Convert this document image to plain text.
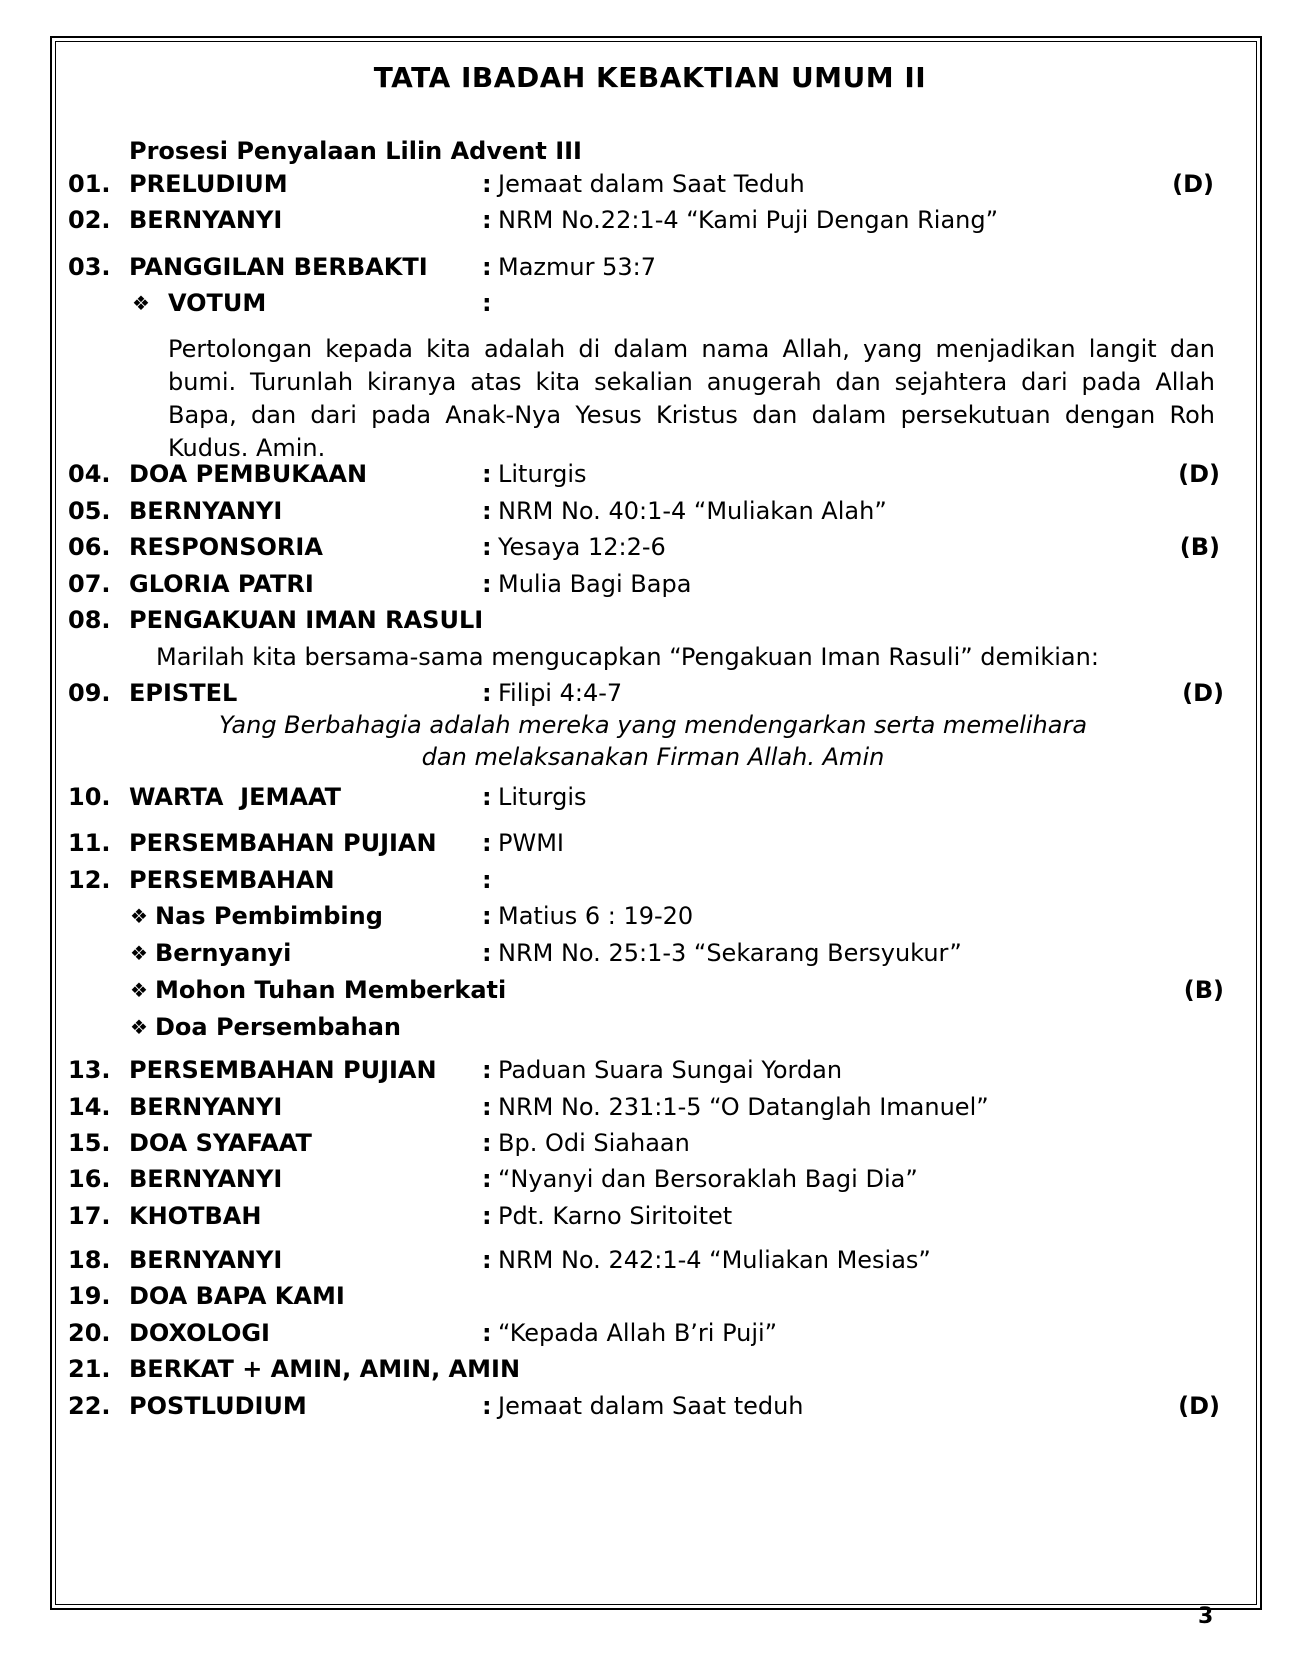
TATA IBADAH KEBAKTIAN UMUM II
Prosesi Penyalaan Lilin Advent III
01. PRELUDIUM	: Jemaat dalam Saat Teduh	(D)
02. BERNYANYI	: NRM No.22:1-4 “Kami Puji Dengan Riang”
03. PANGGILAN BERBAKTI : Mazmur 53:7
❖ VOTUM	:

Pertolongan kepada kita adalah di dalam nama Allah, yang menjadikan langit dan bumi. Turunlah kiranya atas kita sekalian anugerah dan sejahtera dari pada Allah Bapa, dan dari pada Anak-Nya Yesus Kristus dan dalam persekutuan dengan Roh Kudus. Amin.

04. DOA PEMBUKAAN	: Liturgis	(D)
05. BERNYANYI	: NRM No. 40:1-4 “Muliakan Alah”
06. RESPONSORIA	: Yesaya 12:2-6	(B)
07. GLORIA PATRI	: Mulia Bagi Bapa
08. PENGAKUAN IMAN RASULI
Marilah kita bersama-sama mengucapkan “Pengakuan Iman Rasuli” demikian:
09. EPISTEL	: Filipi 4:4-7	(D)
Yang Berbahagia adalah mereka yang mendengarkan serta memelihara
dan melaksanakan Firman Allah. Amin
10. WARTA  JEMAAT	: Liturgis
11. PERSEMBAHAN PUJIAN : PWMI
12. PERSEMBAHAN	:
❖ Nas Pembimbing	: Matius 6 : 19-20
❖ Bernyanyi	: NRM No. 25:1-3 “Sekarang Bersyukur”
❖ Mohon Tuhan Memberkati	(B)
❖ Doa Persembahan
13. PERSEMBAHAN PUJIAN : Paduan Suara Sungai Yordan
14. BERNYANYI	: NRM No. 231:1-5 “O Datanglah Imanuel”
15. DOA SYAFAAT	: Bp. Odi Siahaan
16. BERNYANYI	: “Nyanyi dan Bersoraklah Bagi Dia”
17. KHOTBAH	: Pdt. Karno Siritoitet
18. BERNYANYI	: NRM No. 242:1-4 “Muliakan Mesias”
19. DOA BAPA KAMI
20. DOXOLOGI	: “Kepada Allah B’ri Puji”
21. BERKAT + AMIN, AMIN, AMIN
22. POSTLUDIUM	: Jemaat dalam Saat teduh	(D)
3
